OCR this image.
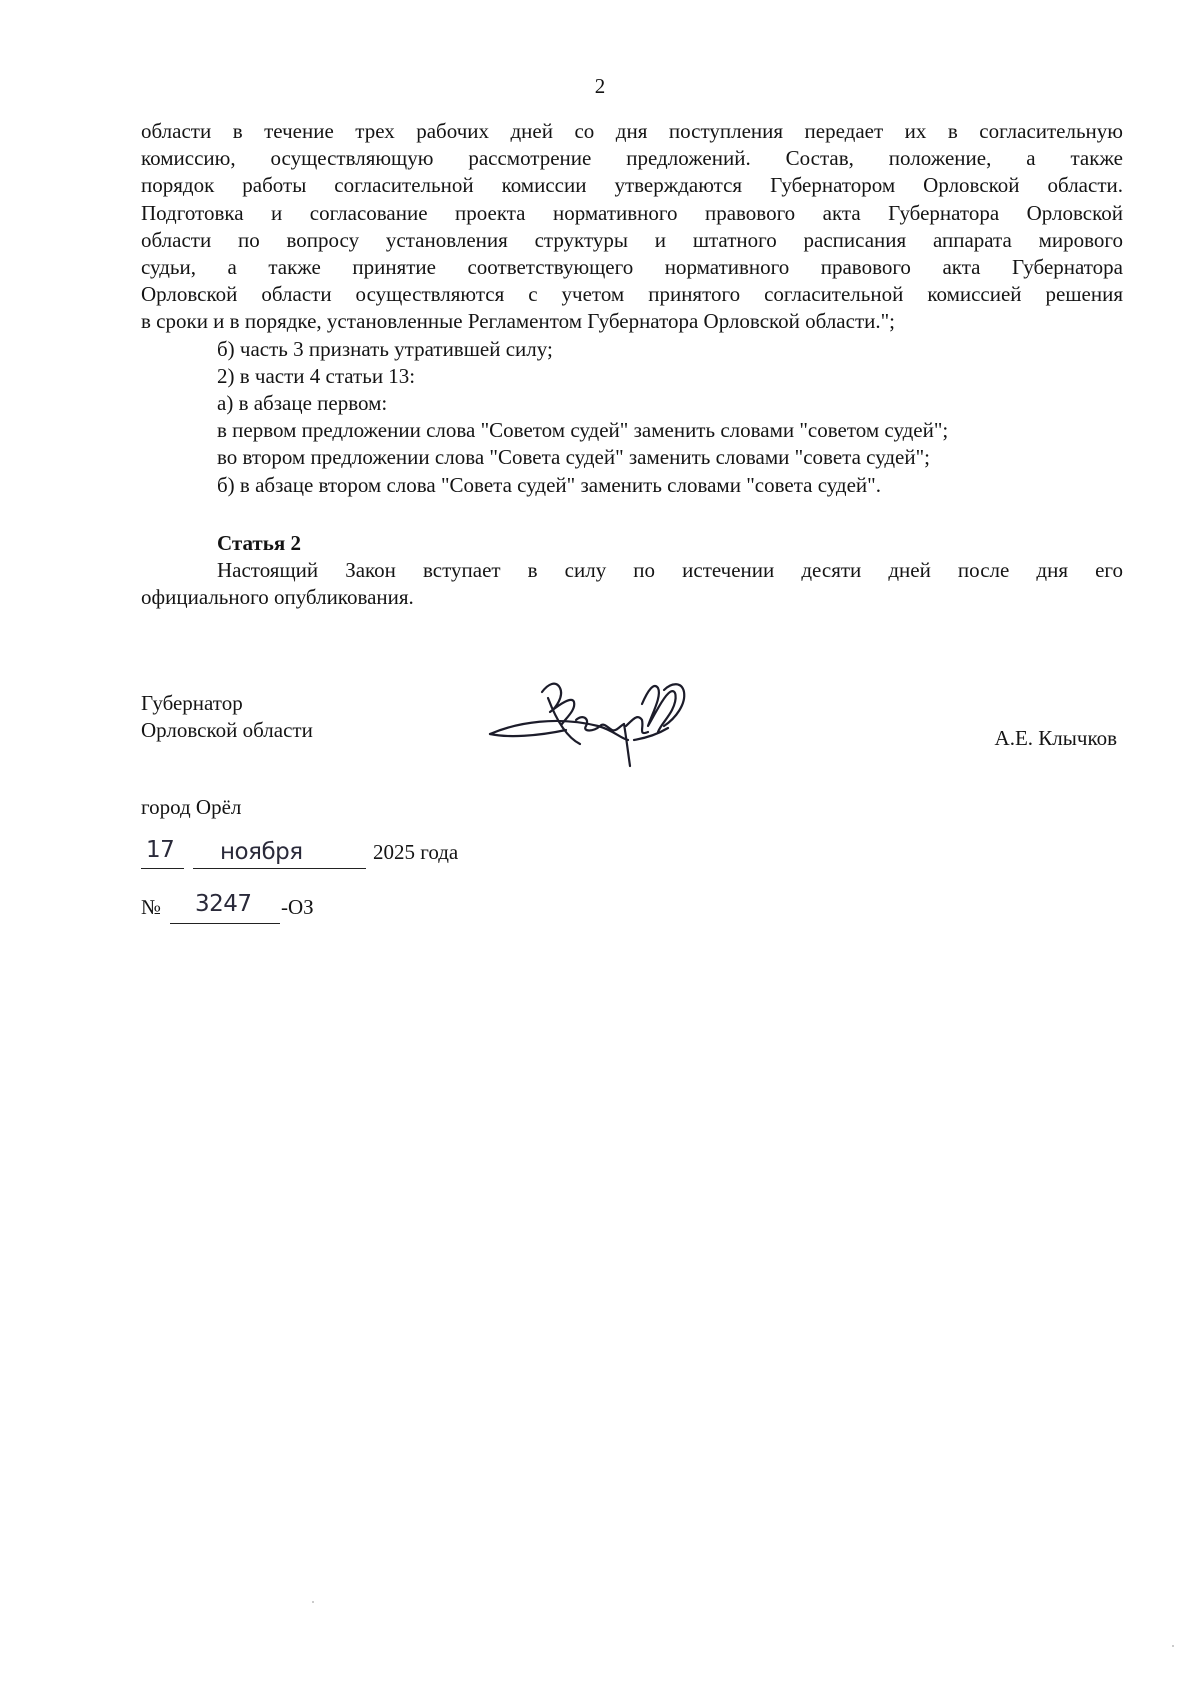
2
области в течение трех рабочих дней со дня поступления передает их в согласительную
комиссию, осуществляющую рассмотрение предложений. Состав, положение, а также
порядок работы согласительной комиссии утверждаются Губернатором Орловской области.
Подготовка и согласование проекта нормативного правового акта Губернатора Орловской
области по вопросу установления структуры и штатного расписания аппарата мирового
судьи, а также принятие соответствующего нормативного правового акта Губернатора
Орловской области осуществляются с учетом принятого согласительной комиссией решения
в сроки и в порядке, установленные Регламентом Губернатора Орловской области.";
б) часть 3 признать утратившей силу;
2) в части 4 статьи 13:
а) в абзаце первом:
в первом предложении слова "Советом судей" заменить словами "советом судей";
во втором предложении слова "Совета судей" заменить словами "совета судей";
б) в абзаце втором слова "Совета судей" заменить словами "совета судей".
Статья 2
Настоящий Закон вступает в силу по истечении десяти дней после дня его
официального опубликования.
Губернатор
Орловской области	А.Е. Клычков
город Орёл
17 ноября	2025 года
№ 3247 -ОЗ
